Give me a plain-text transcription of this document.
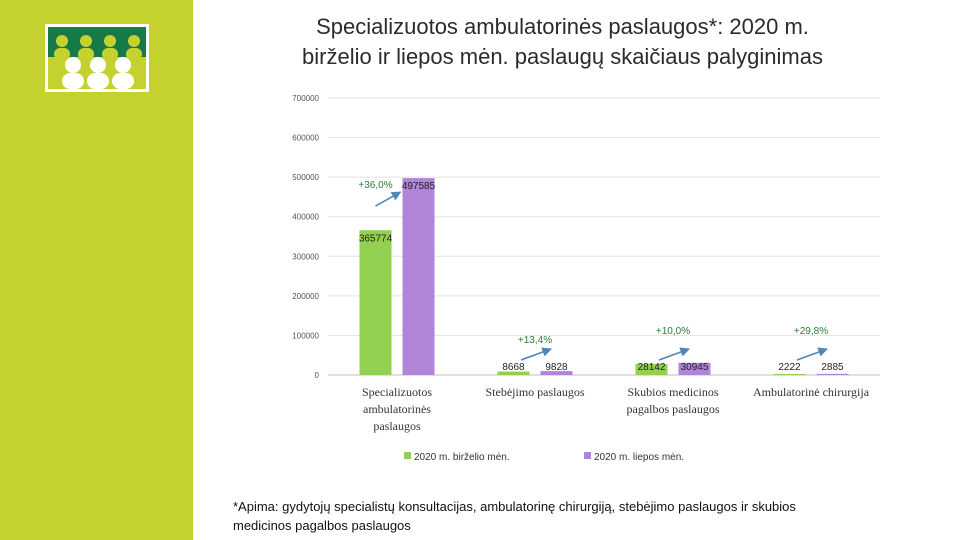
Specializuotos ambulatorinės paslaugos*: 2020 m.
birželio ir liepos mėn. paslaugų skaičiaus palyginimas
0
100000
200000
300000
400000
500000
600000
700000
365774
497585
+36,0%
Specializuotos
ambulatorinės
paslaugos
8668 9828
+13,4%
Stebėjimo paslaugos
28142 30945
+10,0%
Skubios medicinos
pagalbos paslaugos
2222 2885
+29,8%
Ambulatorinė chirurgija
2020 m. birželio mėn.	2020 m. liepos mėn.
*Apima: gydytojų specialistų konsultacijas, ambulatorinę chirurgiją, stebėjimo paslaugos ir skubios
medicinos pagalbos paslaugos
